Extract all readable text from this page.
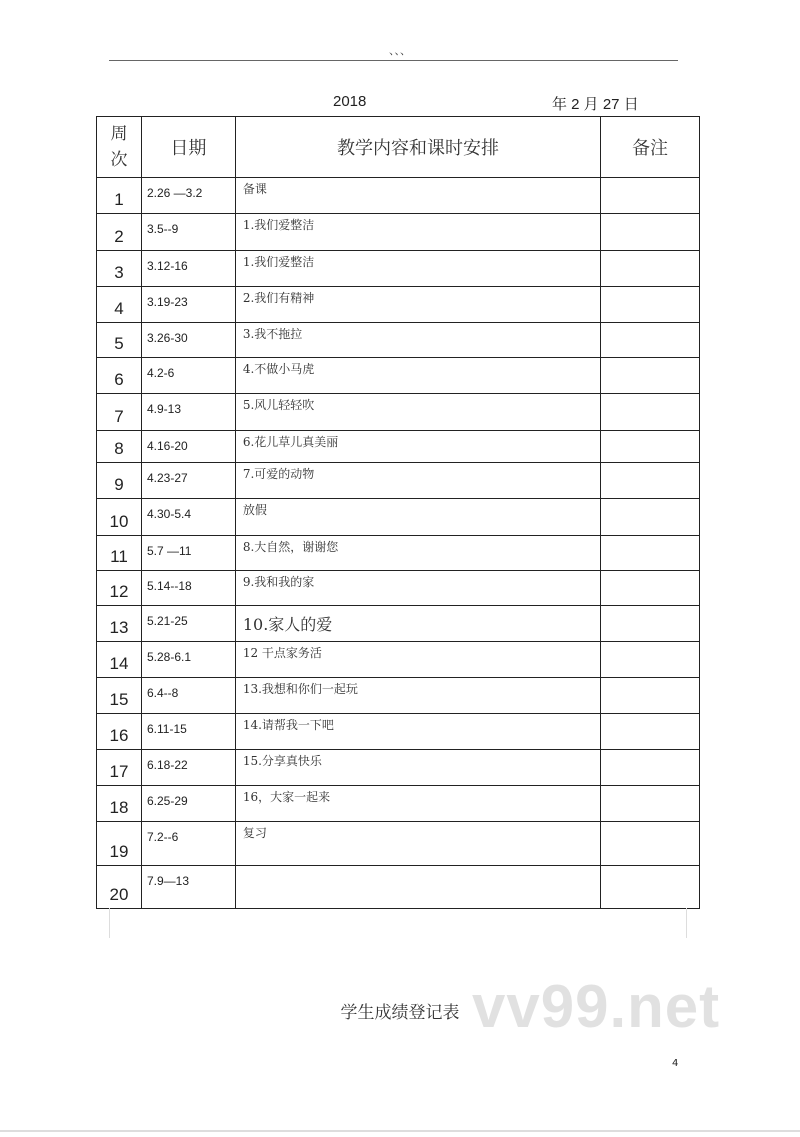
、、、
2018	年 2 月 27 日
周次	日期	教学内容和课时安排	备注
1	2.26 —3.2	备课	
2	3.5--9	1.我们爱整洁	
3	3.12-16	1.我们爱整洁	
4	3.19-23	2.我们有精神	
5	3.26-30	3.我不拖拉	
6	4.2-6	4.不做小马虎	
7	4.9-13	5.风儿轻轻吹	
8	4.16-20	6.花儿草儿真美丽	
9	4.23-27	7.可爱的动物	
10	4.30-5.4	放假	
11	5.7 —11	8.大自然，谢谢您	
12	5.14--18	9.我和我的家	
13	5.21-25	10.家人的爱	
14	5.28-6.1	12 干点家务活	
15	6.4--8	13.我想和你们一起玩	
16	6.11-15	14.请帮我一下吧	
17	6.18-22	15.分享真快乐	
18	6.25-29	16，大家一起来	
19	7.2--6	复习	
20	7.9—13		
学生成绩登记表 vv99.net
4
